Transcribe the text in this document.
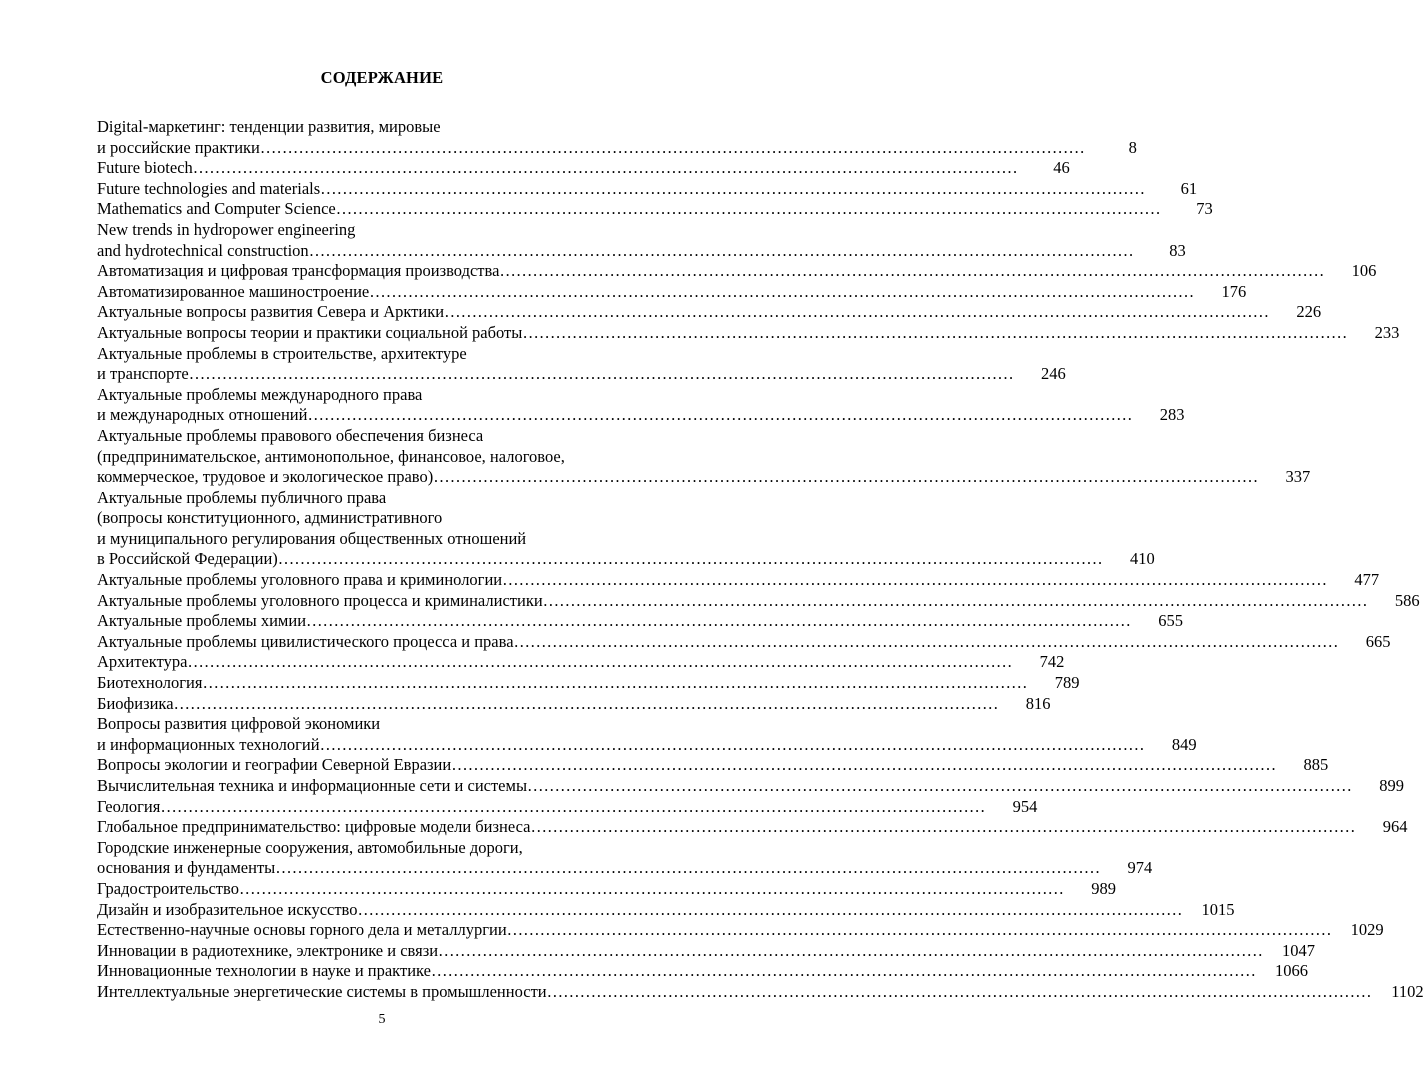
СОДЕРЖАНИЕ
Digital-маркетинг: тенденции развития, мировые
и российские практики ……………………………………………………………………………………………………………………………………	8
Future biotech ……………………………………………………………………………………………………………………………………	46
Future technologies and materials ……………………………………………………………………………………………………………………………………	61
Mathematics and Computer Science ……………………………………………………………………………………………………………………………………	73
New trends in hydropower engineering
and hydrotechnical construction ……………………………………………………………………………………………………………………………………	83
Автоматизация и цифровая трансформация производства ……………………………………………………………………………………………………………………………………	106
Автоматизированное машиностроение ……………………………………………………………………………………………………………………………………	176
Актуальные вопросы развития Севера и Арктики ……………………………………………………………………………………………………………………………………	226
Актуальные вопросы теории и практики социальной работы ……………………………………………………………………………………………………………………………………	233
Актуальные проблемы в строительстве, архитектуре
и транспорте ……………………………………………………………………………………………………………………………………	246
Актуальные проблемы международного права
и международных отношений ……………………………………………………………………………………………………………………………………	283
Актуальные проблемы правового обеспечения бизнеса
(предпринимательское, антимонопольное, финансовое, налоговое,
коммерческое, трудовое и экологическое право) ……………………………………………………………………………………………………………………………………	337
Актуальные проблемы публичного права
(вопросы конституционного, административного
и муниципального регулирования общественных отношений
в Российской Федерации) ……………………………………………………………………………………………………………………………………	410
Актуальные проблемы уголовного права и криминологии ……………………………………………………………………………………………………………………………………	477
Актуальные проблемы уголовного процесса и криминалистики ……………………………………………………………………………………………………………………………………	586
Актуальные проблемы химии ……………………………………………………………………………………………………………………………………	655
Актуальные проблемы цивилистического процесса и права ……………………………………………………………………………………………………………………………………	665
Архитектура ……………………………………………………………………………………………………………………………………	742
Биотехнология ……………………………………………………………………………………………………………………………………	789
Биофизика ……………………………………………………………………………………………………………………………………	816
Вопросы развития цифровой экономики
и информационных технологий ……………………………………………………………………………………………………………………………………	849
Вопросы экологии и географии Северной Евразии ……………………………………………………………………………………………………………………………………	885
Вычислительная техника и информационные сети и системы ……………………………………………………………………………………………………………………………………	899
Геология ……………………………………………………………………………………………………………………………………	954
Глобальное предпринимательство: цифровые модели бизнеса ……………………………………………………………………………………………………………………………………	964
Городские инженерные сооружения, автомобильные дороги,
основания и фундаменты ……………………………………………………………………………………………………………………………………	974
Градостроительство ……………………………………………………………………………………………………………………………………	989
Дизайн и изобразительное искусство ……………………………………………………………………………………………………………………………………	1015
Естественно-научные основы горного дела и металлургии ……………………………………………………………………………………………………………………………………	1029
Инновации в радиотехнике, электронике и связи ……………………………………………………………………………………………………………………………………	1047
Инновационные технологии в науке и практике ……………………………………………………………………………………………………………………………………	1066
Интеллектуальные энергетические системы в промышленности ……………………………………………………………………………………………………………………………………	1102
5
